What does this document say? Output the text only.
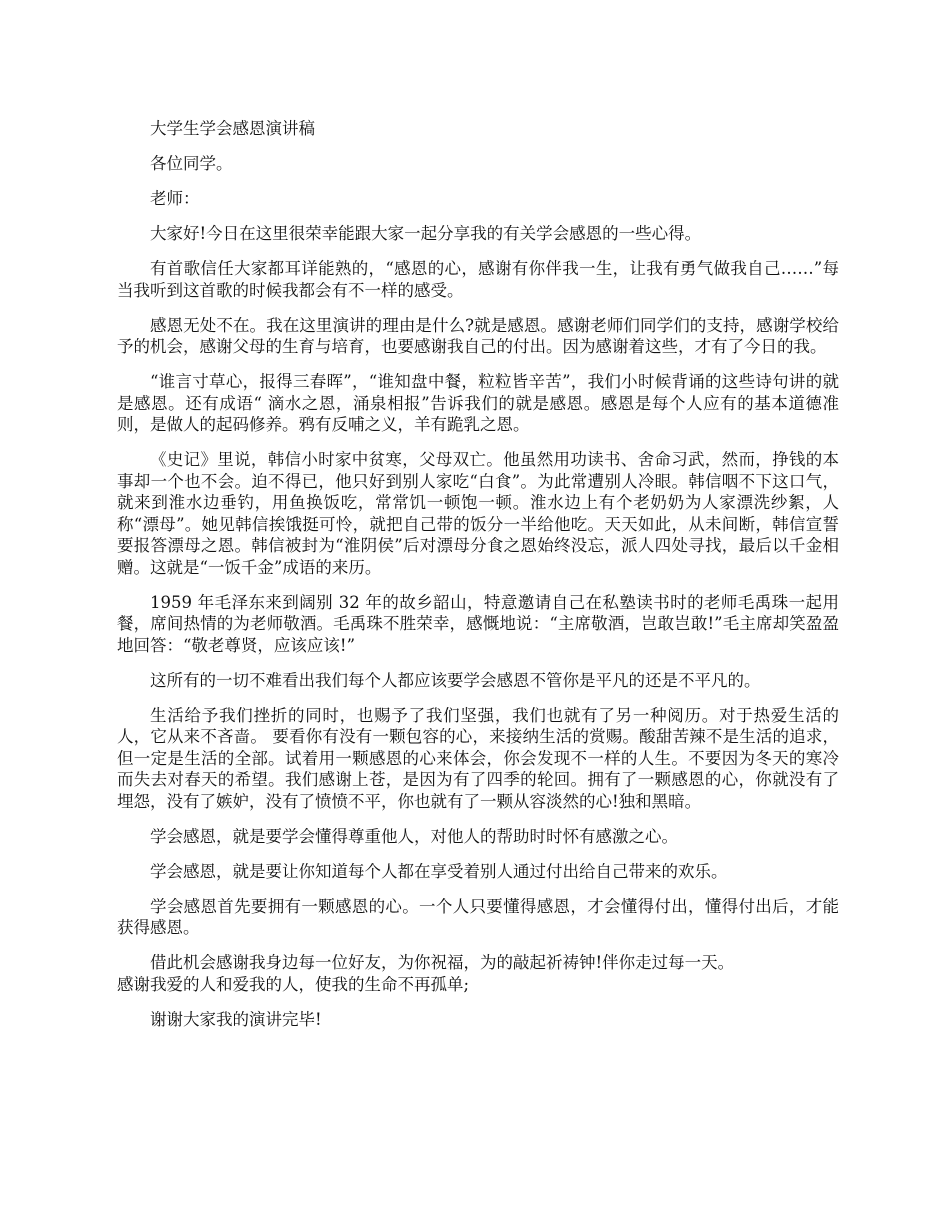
大学生学会感恩演讲稿

各位同学。

老师：

大家好!今日在这里很荣幸能跟大家一起分享我的有关学会感恩的一些心得。

有首歌信任大家都耳详能熟的，“感恩的心，感谢有你伴我一生，让我有勇气做我自己……”每当我听到这首歌的时候我都会有不一样的感受。

感恩无处不在。我在这里演讲的理由是什么?就是感恩。感谢老师们同学们的支持，感谢学校给予的机会，感谢父母的生育与培育，也要感谢我自己的付出。因为感谢着这些，才有了今日的我。

“谁言寸草心，报得三春晖”，“谁知盘中餐，粒粒皆辛苦”，我们小时候背诵的这些诗句讲的就是感恩。还有成语“ 滴水之恩，涌泉相报”告诉我们的就是感恩。感恩是每个人应有的基本道德准则，是做人的起码修养。鸦有反哺之义，羊有跪乳之恩。

《史记》里说，韩信小时家中贫寒，父母双亡。他虽然用功读书、舍命习武，然而，挣钱的本事却一个也不会。迫不得已，他只好到别人家吃“白食”。为此常遭别人冷眼。韩信咽不下这口气，就来到淮水边垂钓，用鱼换饭吃，常常饥一顿饱一顿。淮水边上有个老奶奶为人家漂洗纱絮，人称“漂母”。她见韩信挨饿挺可怜，就把自己带的饭分一半给他吃。天天如此，从未间断，韩信宣誓要报答漂母之恩。韩信被封为“淮阴侯”后对漂母分食之恩始终没忘，派人四处寻找，最后以千金相赠。这就是“一饭千金”成语的来历。

1959 年毛泽东来到阔别 32 年的故乡韶山，特意邀请自己在私塾读书时的老师毛禹珠一起用餐，席间热情的为老师敬酒。毛禹珠不胜荣幸，感慨地说：“主席敬酒，岂敢岂敢!”毛主席却笑盈盈地回答：“敬老尊贤，应该应该!”

这所有的一切不难看出我们每个人都应该要学会感恩不管你是平凡的还是不平凡的。

生活给予我们挫折的同时，也赐予了我们坚强，我们也就有了另一种阅历。对于热爱生活的人，它从来不吝啬。 要看你有没有一颗包容的心，来接纳生活的赏赐。酸甜苦辣不是生活的追求，但一定是生活的全部。试着用一颗感恩的心来体会，你会发现不一样的人生。不要因为冬天的寒冷而失去对春天的希望。我们感谢上苍，是因为有了四季的轮回。拥有了一颗感恩的心，你就没有了埋怨，没有了嫉妒，没有了愤愤不平，你也就有了一颗从容淡然的心!独和黑暗。

学会感恩，就是要学会懂得尊重他人，对他人的帮助时时怀有感激之心。

学会感恩，就是要让你知道每个人都在享受着别人通过付出给自己带来的欢乐。

学会感恩首先要拥有一颗感恩的心。一个人只要懂得感恩，才会懂得付出，懂得付出后，才能获得感恩。

借此机会感谢我身边每一位好友，为你祝福，为的敲起祈祷钟!伴你走过每一天。
感谢我爱的人和爱我的人，使我的生命不再孤单;

谢谢大家我的演讲完毕!
